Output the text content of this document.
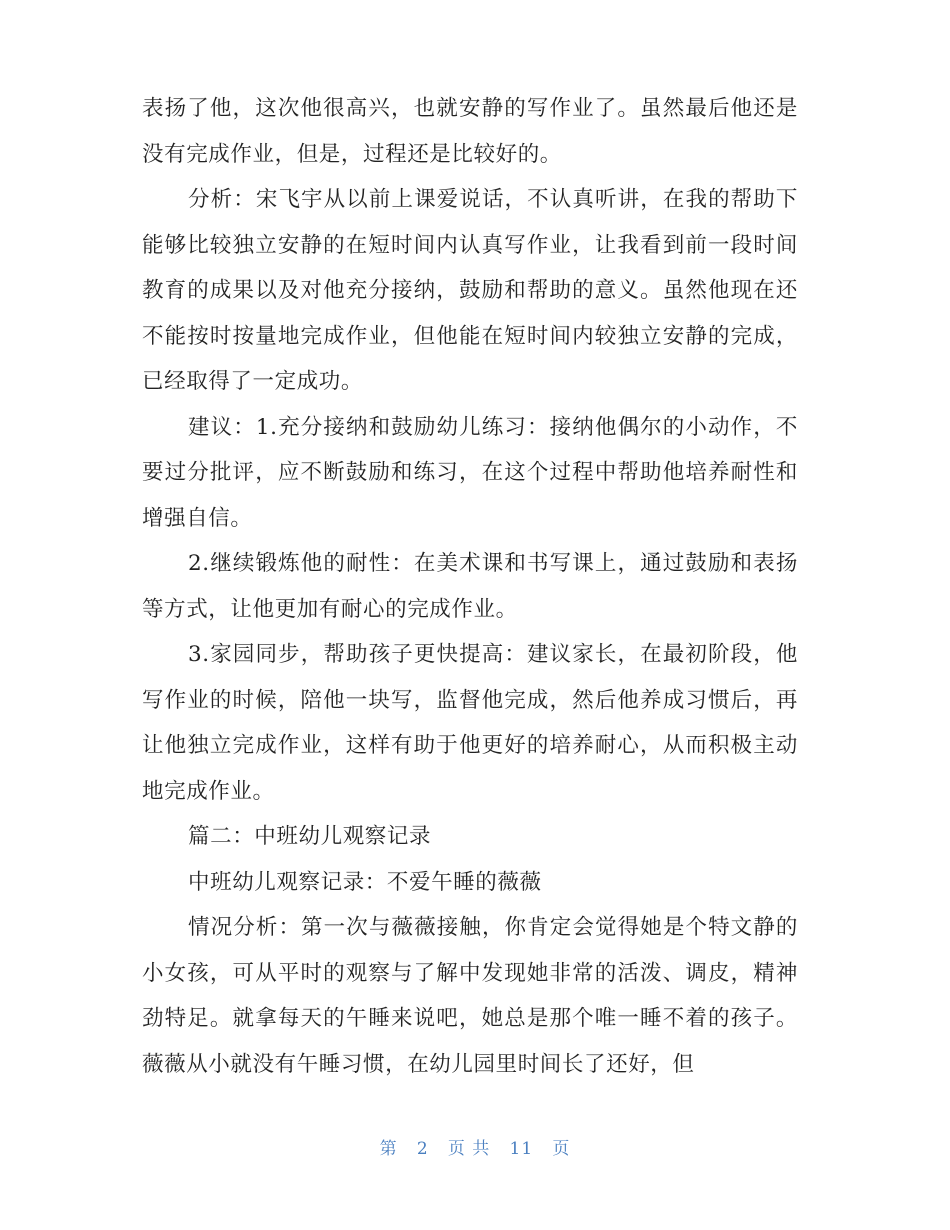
表扬了他，这次他很高兴，也就安静的写作业了。虽然最后他还是没有完成作业，但是，过程还是比较好的。

分析：宋飞宇从以前上课爱说话，不认真听讲，在我的帮助下能够比较独立安静的在短时间内认真写作业，让我看到前一段时间教育的成果以及对他充分接纳，鼓励和帮助的意义。虽然他现在还不能按时按量地完成作业，但他能在短时间内较独立安静的完成，已经取得了一定成功。

建议：1.充分接纳和鼓励幼儿练习：接纳他偶尔的小动作，不要过分批评，应不断鼓励和练习，在这个过程中帮助他培养耐性和增强自信。

2.继续锻炼他的耐性：在美术课和书写课上，通过鼓励和表扬等方式，让他更加有耐心的完成作业。

3.家园同步，帮助孩子更快提高：建议家长，在最初阶段，他写作业的时候，陪他一块写，监督他完成，然后他养成习惯后，再让他独立完成作业，这样有助于他更好的培养耐心，从而积极主动地完成作业。

篇二：中班幼儿观察记录

中班幼儿观察记录：不爱午睡的薇薇

情况分析：第一次与薇薇接触，你肯定会觉得她是个特文静的小女孩，可从平时的观察与了解中发现她非常的活泼、调皮，精神劲特足。就拿每天的午睡来说吧，她总是那个唯一睡不着的孩子。薇薇从小就没有午睡习惯，在幼儿园里时间长了还好，但

第 2 页 共 11 页
